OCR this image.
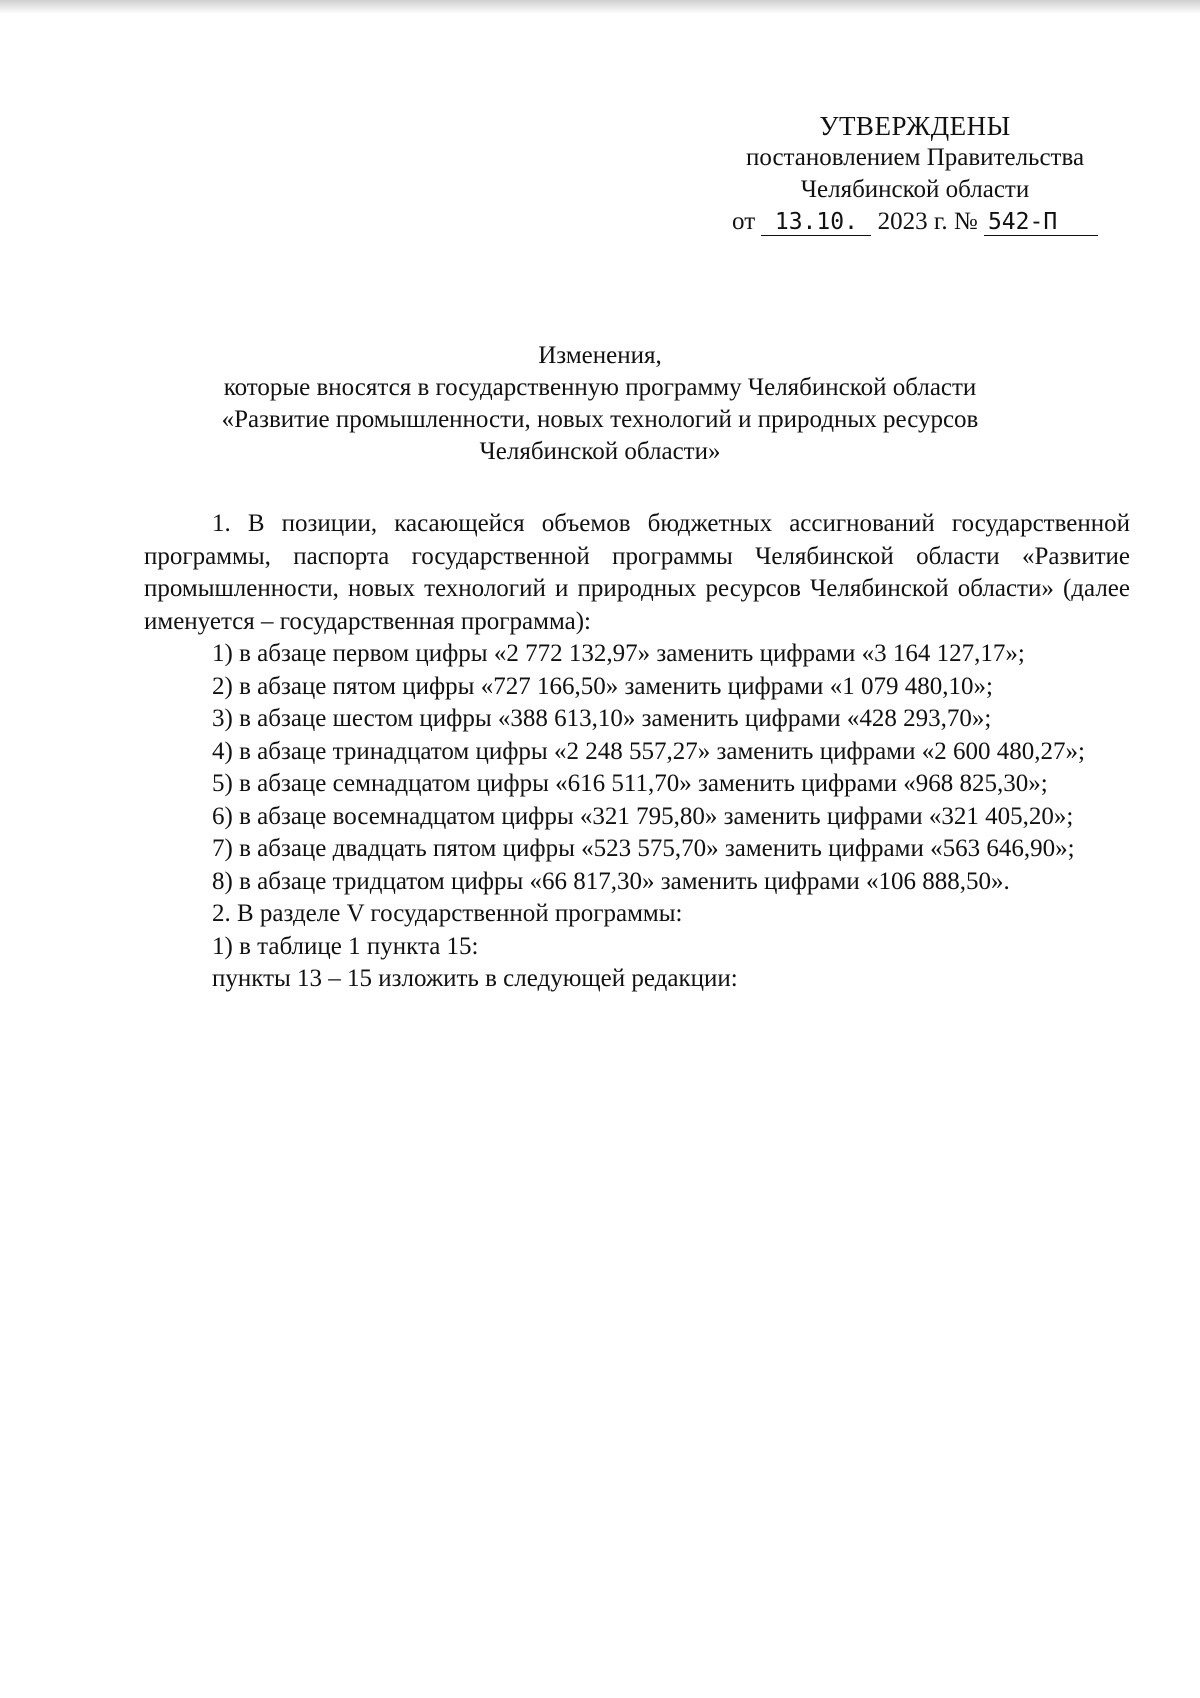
УТВЕРЖДЕНЫ
постановлением Правительства
Челябинской области
от 13.10. 2023 г. № 542-П
Изменения,
которые вносятся в государственную программу Челябинской области
«Развитие промышленности, новых технологий и природных ресурсов
Челябинской области»

1. В позиции, касающейся объемов бюджетных ассигнований государственной программы, паспорта государственной программы Челябинской области «Развитие промышленности, новых технологий и природных ресурсов Челябинской области» (далее именуется – государственная программа):

1) в абзаце первом цифры «2 772 132,97» заменить цифрами «3 164 127,17»;

2) в абзаце пятом цифры «727 166,50» заменить цифрами «1 079 480,10»;

3) в абзаце шестом цифры «388 613,10» заменить цифрами «428 293,70»;

4) в абзаце тринадцатом цифры «2 248 557,27» заменить цифрами «2 600 480,27»;

5) в абзаце семнадцатом цифры «616 511,70» заменить цифрами «968 825,30»;

6) в абзаце восемнадцатом цифры «321 795,80» заменить цифрами «321 405,20»;

7) в абзаце двадцать пятом цифры «523 575,70» заменить цифрами «563 646,90»;

8) в абзаце тридцатом цифры «66 817,30» заменить цифрами «106 888,50».

2. В разделе V государственной программы:

1) в таблице 1 пункта 15:

пункты 13 – 15 изложить в следующей редакции:
